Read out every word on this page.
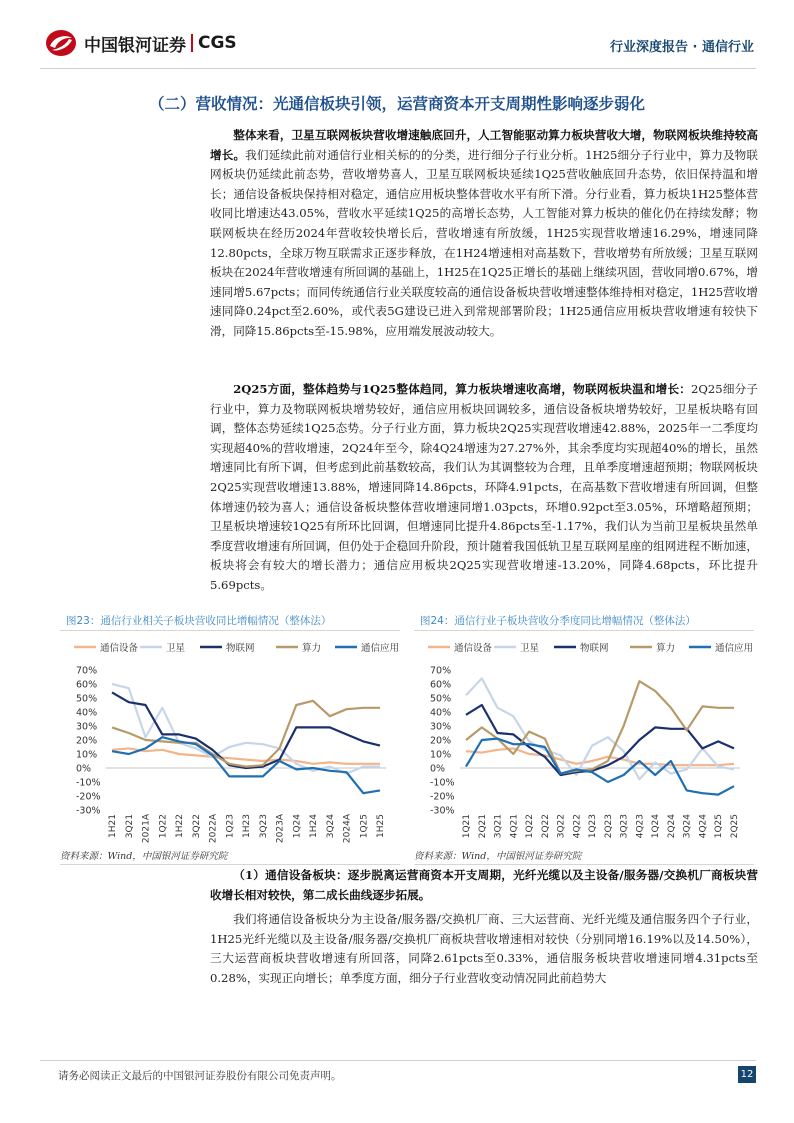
中国银河证券 CGS	行业深度报告 · 通信行业
（二）营收情况：光通信板块引领，运营商资本开支周期性影响逐步弱化

整体来看，卫星互联网板块营收增速触底回升，人工智能驱动算力板块营收大增，物联网板块维持较高增长。我们延续此前对通信行业相关标的的分类，进行细分子行业分析。1H25细分子行业中，算力及物联网板块仍延续此前态势，营收增势喜人，卫星互联网板块延续1Q25营收触底回升态势，依旧保持温和增长；通信设备板块保持相对稳定，通信应用板块整体营收水平有所下滑。分行业看，算力板块1H25整体营收同比增速达43.05%，营收水平延续1Q25的高增长态势，人工智能对算力板块的催化仍在持续发酵；物联网板块在经历2024年营收较快增长后，营收增速有所放缓，1H25实现营收增速16.29%，增速同降12.80pcts，全球万物互联需求正逐步释放，在1H24增速相对高基数下，营收增势有所放缓；卫星互联网板块在2024年营收增速有所回调的基础上，1H25在1Q25正增长的基础上继续巩固，营收同增0.67%，增速同增5.67pcts；而同传统通信行业关联度较高的通信设备板块营收增速整体维持相对稳定，1H25营收增速同降0.24pct至2.60%，或代表5G建设已进入到常规部署阶段；1H25通信应用板块营收增速有较快下滑，同降15.86pcts至-15.98%，应用端发展波动较大。

2Q25方面，整体趋势与1Q25整体趋同，算力板块增速收高增，物联网板块温和增长：2Q25细分子行业中，算力及物联网板块增势较好，通信应用板块回调较多，通信设备板块增势较好，卫星板块略有回调，整体态势延续1Q25态势。分子行业方面，算力板块2Q25实现营收增速42.88%，2025年一二季度均实现超40%的营收增速，2Q24年至今，除4Q24增速为27.27%外，其余季度均实现超40%的增长，虽然增速同比有所下调，但考虑到此前基数较高，我们认为其调整较为合理，且单季度增速超预期；物联网板块2Q25实现营收增速13.88%，增速同降14.86pcts，环降4.91pcts，在高基数下营收增速有所回调，但整体增速仍较为喜人；通信设备板块整体营收增速同增1.03pcts，环增0.92pct至3.05%，环增略超预期；卫星板块增速较1Q25有所环比回调，但增速同比提升4.86pcts至-1.17%，我们认为当前卫星板块虽然单季度营收增速有所回调，但仍处于企稳回升阶段，预计随着我国低轨卫星互联网星座的组网进程不断加速，板块将会有较大的增长潜力；通信应用板块2Q25实现营收增速-13.20%，同降4.68pcts，环比提升5.69pcts。

图23：通信行业相关子板块营收同比增幅情况（整体法）
通信设备	卫星	物联网	算力	通信应用
70%
60%
50%
40%
30%
20%
10%
0%
-10%
-20%
-30%
1H21 3Q21 2021A 1Q22 1H22 3Q22 2022A 1Q23 1H23 3Q23 2023A 1Q24 1H24 3Q24 2024A 1Q25 1H25
资料来源：Wind，中国银河证券研究院
图24：通信行业子板块营收分季度同比增幅情况（整体法）
通信设备	卫星	物联网	算力	通信应用
70%
60%
50%
40%
30%
20%
10%
0%
-10%
-20%
-30%
1Q21 2Q21 3Q21 4Q21 1Q22 2Q22 3Q22 4Q22 1Q23 2Q23 3Q23 4Q23 1Q24 2Q24 3Q24 4Q24 1Q25 2Q25
资料来源：Wind，中国银河证券研究院

（1）通信设备板块：逐步脱离运营商资本开支周期，光纤光缆以及主设备/服务器/交换机厂商板块营收增长相对较快，第二成长曲线逐步拓展。

我们将通信设备板块分为主设备/服务器/交换机厂商、三大运营商、光纤光缆及通信服务四个子行业，1H25光纤光缆以及主设备/服务器/交换机厂商板块营收增速相对较快（分别同增16.19%以及14.50%），三大运营商板块营收增速有所回落，同降2.61pcts至0.33%，通信服务板块营收增速同增4.31pcts至0.28%，实现正向增长；单季度方面，细分子行业营收变动情况同此前趋势大

请务必阅读正文最后的中国银河证券股份有限公司免责声明。	12
